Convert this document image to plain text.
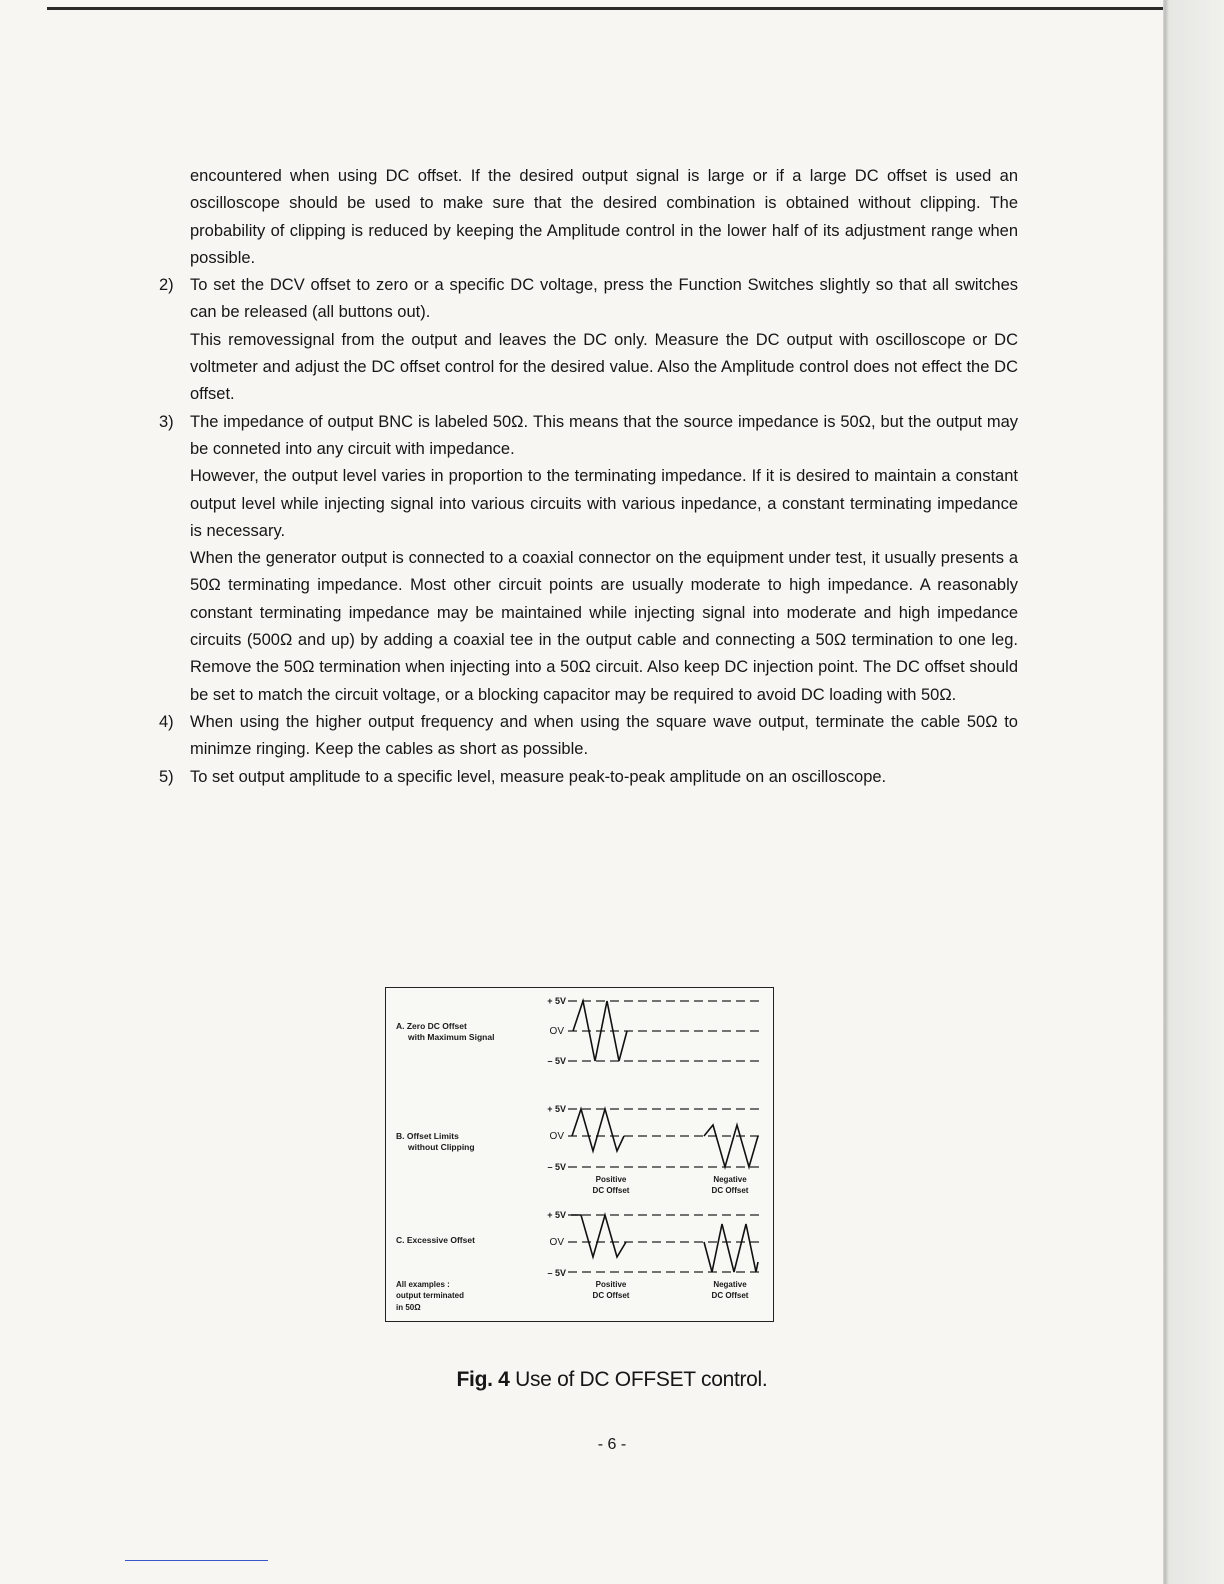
encountered when using DC offset. If the desired output signal is large or if a large DC offset is used an oscilloscope should be used to make sure that the desired combination is obtained without clipping. The probability of clipping is reduced by keeping the Amplitude control in the lower half of its adjustment range when possible.
2) To set the DCV offset to zero or a specific DC voltage, press the Function Switches slightly so that all switches can be released (all buttons out).
This removessignal from the output and leaves the DC only. Measure the DC output with oscilloscope or DC voltmeter and adjust the DC offset control for the desired value. Also the Amplitude control does not effect the DC offset.
3) The impedance of output BNC is labeled 50Ω. This means that the source impedance is 50Ω, but the output may be conneted into any circuit with impedance.
However, the output level varies in proportion to the terminating impedance. If it is desired to maintain a constant output level while injecting signal into various circuits with various inpedance, a constant terminating impedance is necessary.
When the generator output is connected to a coaxial connector on the equipment under test, it usually presents a 50Ω terminating impedance. Most other circuit points are usually moderate to high impedance. A reasonably constant terminating impedance may be maintained while injecting signal into moderate and high impedance circuits (500Ω and up) by adding a coaxial tee in the output cable and connecting a 50Ω termination to one leg. Remove the 50Ω termination when injecting into a 50Ω circuit. Also keep DC injection point. The DC offset should be set to match the circuit voltage, or a blocking capacitor may be required to avoid DC loading with 50Ω.
4) When using the higher output frequency and when using the square wave output, terminate the cable 50Ω to minimze ringing. Keep the cables as short as possible.
5) To set output amplitude to a specific level, measure peak-to-peak amplitude on an oscilloscope.
A. Zero DC Offset
with Maximum Signal
+ 5V
OV
– 5V
B. Offset Limits
without Clipping
+ 5V
OV
– 5V
Positive
DC Offset
Negative
DC Offset
C. Excessive Offset
+ 5V
OV
– 5V
Positive
DC Offset
Negative
DC Offset
All examples :
output terminated
in 50Ω
Fig. 4 Use of DC OFFSET control.
- 6 -
